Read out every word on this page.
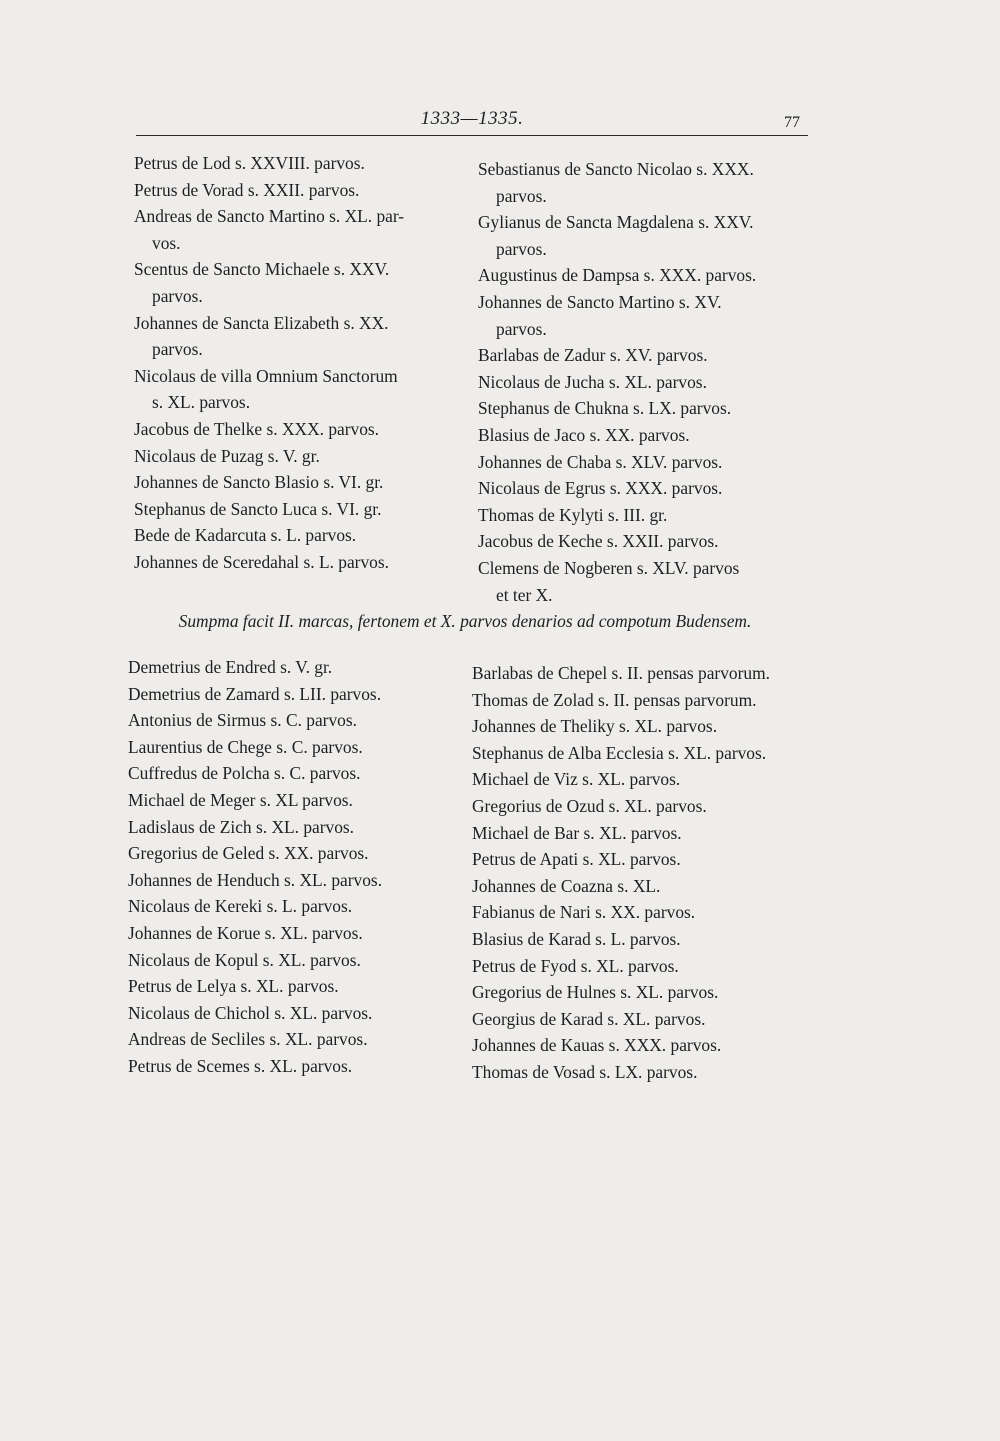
1333—1335.	77
Petrus de Lod s. XXVIII. parvos.
Petrus de Vorad s. XXII. parvos.
Andreas de Sancto Martino s. XL. par-
vos.
Scentus de Sancto Michaele s. XXV.
parvos.
Johannes de Sancta Elizabeth s. XX.
parvos.
Nicolaus de villa Omnium Sanctorum
s. XL. parvos.
Jacobus de Thelke s. XXX. parvos.
Nicolaus de Puzag s. V. gr.
Johannes de Sancto Blasio s. VI. gr.
Stephanus de Sancto Luca s. VI. gr.
Bede de Kadarcuta s. L. parvos.
Johannes de Sceredahal s. L. parvos.
Sebastianus de Sancto Nicolao s. XXX.
parvos.
Gylianus de Sancta Magdalena s. XXV.
parvos.
Augustinus de Dampsa s. XXX. parvos.
Johannes de Sancto Martino s. XV.
parvos.
Barlabas de Zadur s. XV. parvos.
Nicolaus de Jucha s. XL. parvos.
Stephanus de Chukna s. LX. parvos.
Blasius de Jaco s. XX. parvos.
Johannes de Chaba s. XLV. parvos.
Nicolaus de Egrus s. XXX. parvos.
Thomas de Kylyti s. III. gr.
Jacobus de Keche s. XXII. parvos.
Clemens de Nogberen s. XLV. parvos
et ter X.
Sumpma facit II. marcas, fertonem et X. parvos denarios ad compotum Budensem.
Demetrius de Endred s. V. gr.
Demetrius de Zamard s. LII. parvos.
Antonius de Sirmus s. C. parvos.
Laurentius de Chege s. C. parvos.
Cuffredus de Polcha s. C. parvos.
Michael de Meger s. XL parvos.
Ladislaus de Zich s. XL. parvos.
Gregorius de Geled s. XX. parvos.
Johannes de Henduch s. XL. parvos.
Nicolaus de Kereki s. L. parvos.
Johannes de Korue s. XL. parvos.
Nicolaus de Kopul s. XL. parvos.
Petrus de Lelya s. XL. parvos.
Nicolaus de Chichol s. XL. parvos.
Andreas de Secliles s. XL. parvos.
Petrus de Scemes s. XL. parvos.
Barlabas de Chepel s. II. pensas parvorum.
Thomas de Zolad s. II. pensas parvorum.
Johannes de Theliky s. XL. parvos.
Stephanus de Alba Ecclesia s. XL. parvos.
Michael de Viz s. XL. parvos.
Gregorius de Ozud s. XL. parvos.
Michael de Bar s. XL. parvos.
Petrus de Apati s. XL. parvos.
Johannes de Coazna s. XL.
Fabianus de Nari s. XX. parvos.
Blasius de Karad s. L. parvos.
Petrus de Fyod s. XL. parvos.
Gregorius de Hulnes s. XL. parvos.
Georgius de Karad s. XL. parvos.
Johannes de Kauas s. XXX. parvos.
Thomas de Vosad s. LX. parvos.
